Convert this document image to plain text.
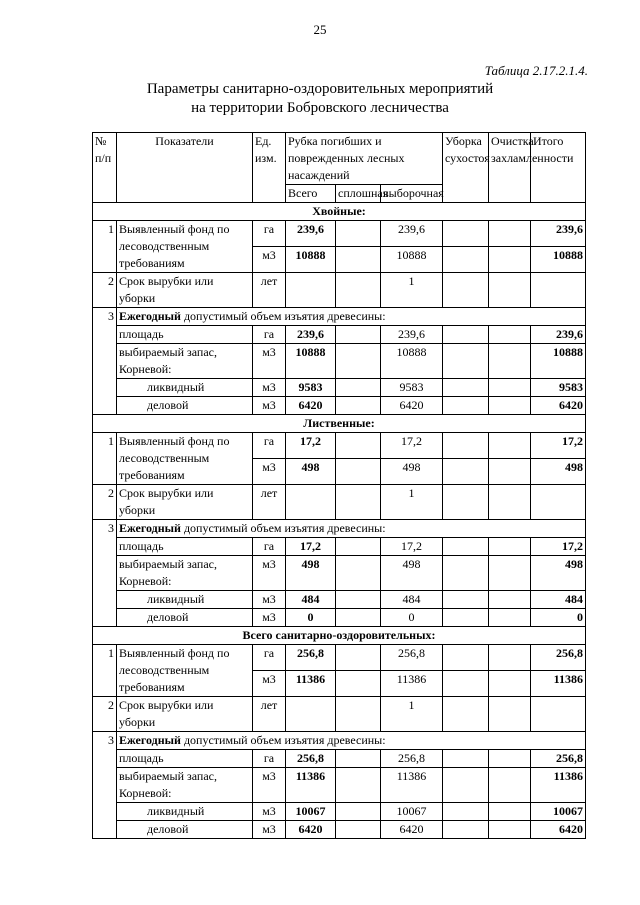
25
Таблица 2.17.2.1.4.
Параметры санитарно-оздоровительных мероприятий
на территории Бобровского лесничества
№ п/п	Показатели	Ед. изм.	Рубка погибших и поврежденных лесных насаждений			Уборка сухостоя	Очистка захламленности	Итого
			Всего	сплошная	выборочная			
Хвойные:								
1	Выявленный фонд по лесоводственным требованиям	га	239,6		239,6			239,6
		м3	10888		10888			10888
2	Срок вырубки или уборки	лет			1			
3	Ежегодный допустимый объем изъятия древесины:							
	площадь	га	239,6		239,6			239,6
	выбираемый запас, Корневой:	м3	10888		10888			10888
	ликвидный	м3	9583		9583			9583
	деловой	м3	6420		6420			6420
Лиственные:								
1	Выявленный фонд по лесоводственным требованиям	га	17,2		17,2			17,2
		м3	498		498			498
2	Срок вырубки или уборки	лет			1			
3	Ежегодный допустимый объем изъятия древесины:							
	площадь	га	17,2		17,2			17,2
	выбираемый запас, Корневой:	м3	498		498			498
	ликвидный	м3	484		484			484
	деловой	м3	0		0			0
Всего санитарно-оздоровительных:								
1	Выявленный фонд по лесоводственным требованиям	га	256,8		256,8			256,8
		м3	11386		11386			11386
2	Срок вырубки или уборки	лет			1			
3	Ежегодный допустимый объем изъятия древесины:							
	площадь	га	256,8		256,8			256,8
	выбираемый запас, Корневой:	м3	11386		11386			11386
	ликвидный	м3	10067		10067			10067
	деловой	м3	6420		6420			6420
